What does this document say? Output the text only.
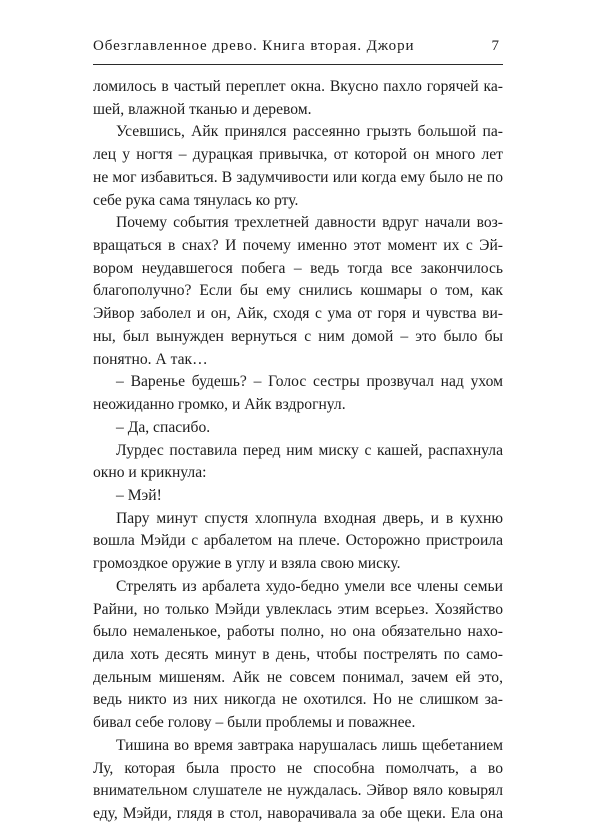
Обезглавленное древо. Книга вторая. Джори	7
ломилось в частый переплет окна. Вкусно пахло горячей ка-
шей, влажной тканью и деревом.
Усевшись, Айк принялся рассеянно грызть большой па-
лец у ногтя – дурацкая привычка, от которой он много лет
не мог избавиться. В задумчивости или когда ему было не по
себе рука сама тянулась ко рту.
Почему события трехлетней давности вдруг начали воз-
вращаться в снах? И почему именно этот момент их с Эй-
вором неудавшегося побега – ведь тогда все закончилось
благополучно? Если бы ему снились кошмары о том, как
Эйвор заболел и он, Айк, сходя с ума от горя и чувства ви-
ны, был вынужден вернуться с ним домой – это было бы
понятно. А так…
– Варенье будешь? – Голос сестры прозвучал над ухом
неожиданно громко, и Айк вздрогнул.
– Да, спасибо.
Лурдес поставила перед ним миску с кашей, распахнула
окно и крикнула:
– Мэй!
Пару минут спустя хлопнула входная дверь, и в кухню
вошла Мэйди с арбалетом на плече. Осторожно пристроила
громоздкое оружие в углу и взяла свою миску.
Стрелять из арбалета худо-бедно умели все члены семьи
Райни, но только Мэйди увлеклась этим всерьез. Хозяйство
было немаленькое, работы полно, но она обязательно нахо-
дила хоть десять минут в день, чтобы пострелять по само-
дельным мишеням. Айк не совсем понимал, зачем ей это,
ведь никто из них никогда не охотился. Но не слишком за-
бивал себе голову – были проблемы и поважнее.
Тишина во время завтрака нарушалась лишь щебетанием
Лу, которая была просто не способна помолчать, а во
внимательном слушателе не нуждалась. Эйвор вяло ковырял
еду, Мэйди, глядя в стол, наворачивала за обе щеки. Ела она
